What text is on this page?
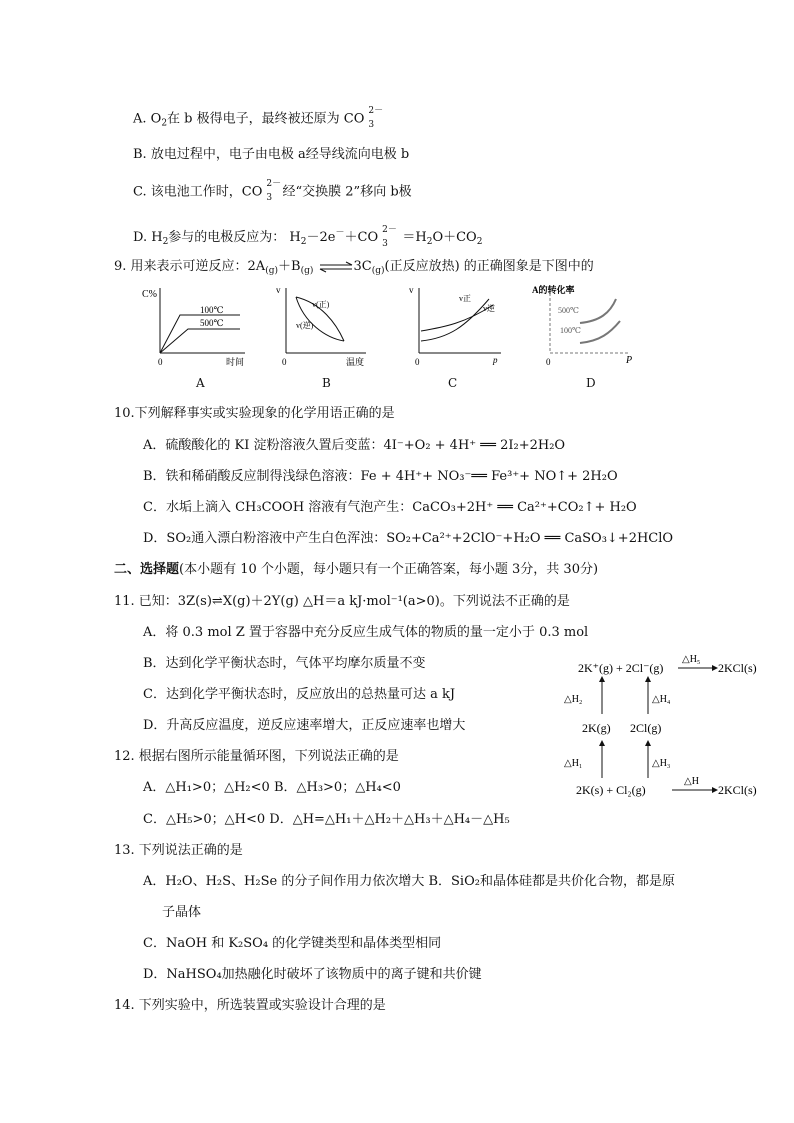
A. $O_2$在 b 极得电子，最终被还原为 CO
2－
3
B. 放电过程中，电子由电极 a经导线流向电极 b
C. 该电池工作时，CO
2－
3 经“交换膜 2”移向 b极
D. $H_2$参与的电极反应为： $H_2-2e^-+CO$
2－
$3 =H_2O+CO_2$
9. 用来表示可逆反应：$2A_{(g)}+B_{(g)}$ $\rightleftharpoons 3C_{(g)}$(正反应放热) 的正确图象是下图中的
C%
0	时间
100℃
500℃
v
0	温度
v(正)
v(逆)
v
0	p
v正
v逆
A的转化率
0	P
500℃
100℃
A	B	C	D
10.下列解释事实或实验现象的化学用语正确的是
A．硫酸酸化的 KI 淀粉溶液久置后变蓝：4I⁻+O₂ + 4H⁺ ══ 2I₂+2H₂O
B．铁和稀硝酸反应制得浅绿色溶液：Fe + 4H⁺+ NO₃⁻══ Fe³⁺+ NO↑+ 2H₂O
C．水垢上滴入 CH₃COOH 溶液有气泡产生：CaCO₃+2H⁺ ══ Ca²⁺+CO₂↑+ H₂O
D．SO₂通入漂白粉溶液中产生白色浑浊：SO₂+Ca²⁺+2ClO⁻+H₂O ══ CaSO₃↓+2HClO
二、选择题(本小题有 10 个小题，每小题只有一个正确答案，每小题 3分，共 30分)
11. 已知：3Z(s)⇌X(g)＋2Y(g) △H＝a kJ·mol⁻¹(a>0)。下列说法不正确的是
A．将 0.3 mol Z 置于容器中充分反应生成气体的物质的量一定小于 0.3 mol
B．达到化学平衡状态时，气体平均摩尔质量不变
C．达到化学平衡状态时，反应放出的总热量可达 a kJ
D．升高反应温度，逆反应速率增大，正反应速率也增大
2K⁺(g) + 2Cl⁻(g)
△H₅
2KCl(s)
△H₂	△H₄
2K(g) 2Cl(g)
△H₁	△H₃
2K(s) + Cl₂(g)
△H
2KCl(s)
12. 根据右图所示能量循环图，下列说法正确的是
A．△H₁>0；△H₂<0 B．△H₃>0；△H₄<0
C．△H₅>0；△H<0 D．△H=△H₁＋△H₂＋△H₃＋△H₄－△H₅
13. 下列说法正确的是
A．H₂O、H₂S、H₂Se 的分子间作用力依次增大 B．SiO₂和晶体硅都是共价化合物，都是原
子晶体
C．NaOH 和 K₂SO₄ 的化学键类型和晶体类型相同
D．NaHSO₄加热融化时破坏了该物质中的离子键和共价键
14. 下列实验中，所选装置或实验设计合理的是
